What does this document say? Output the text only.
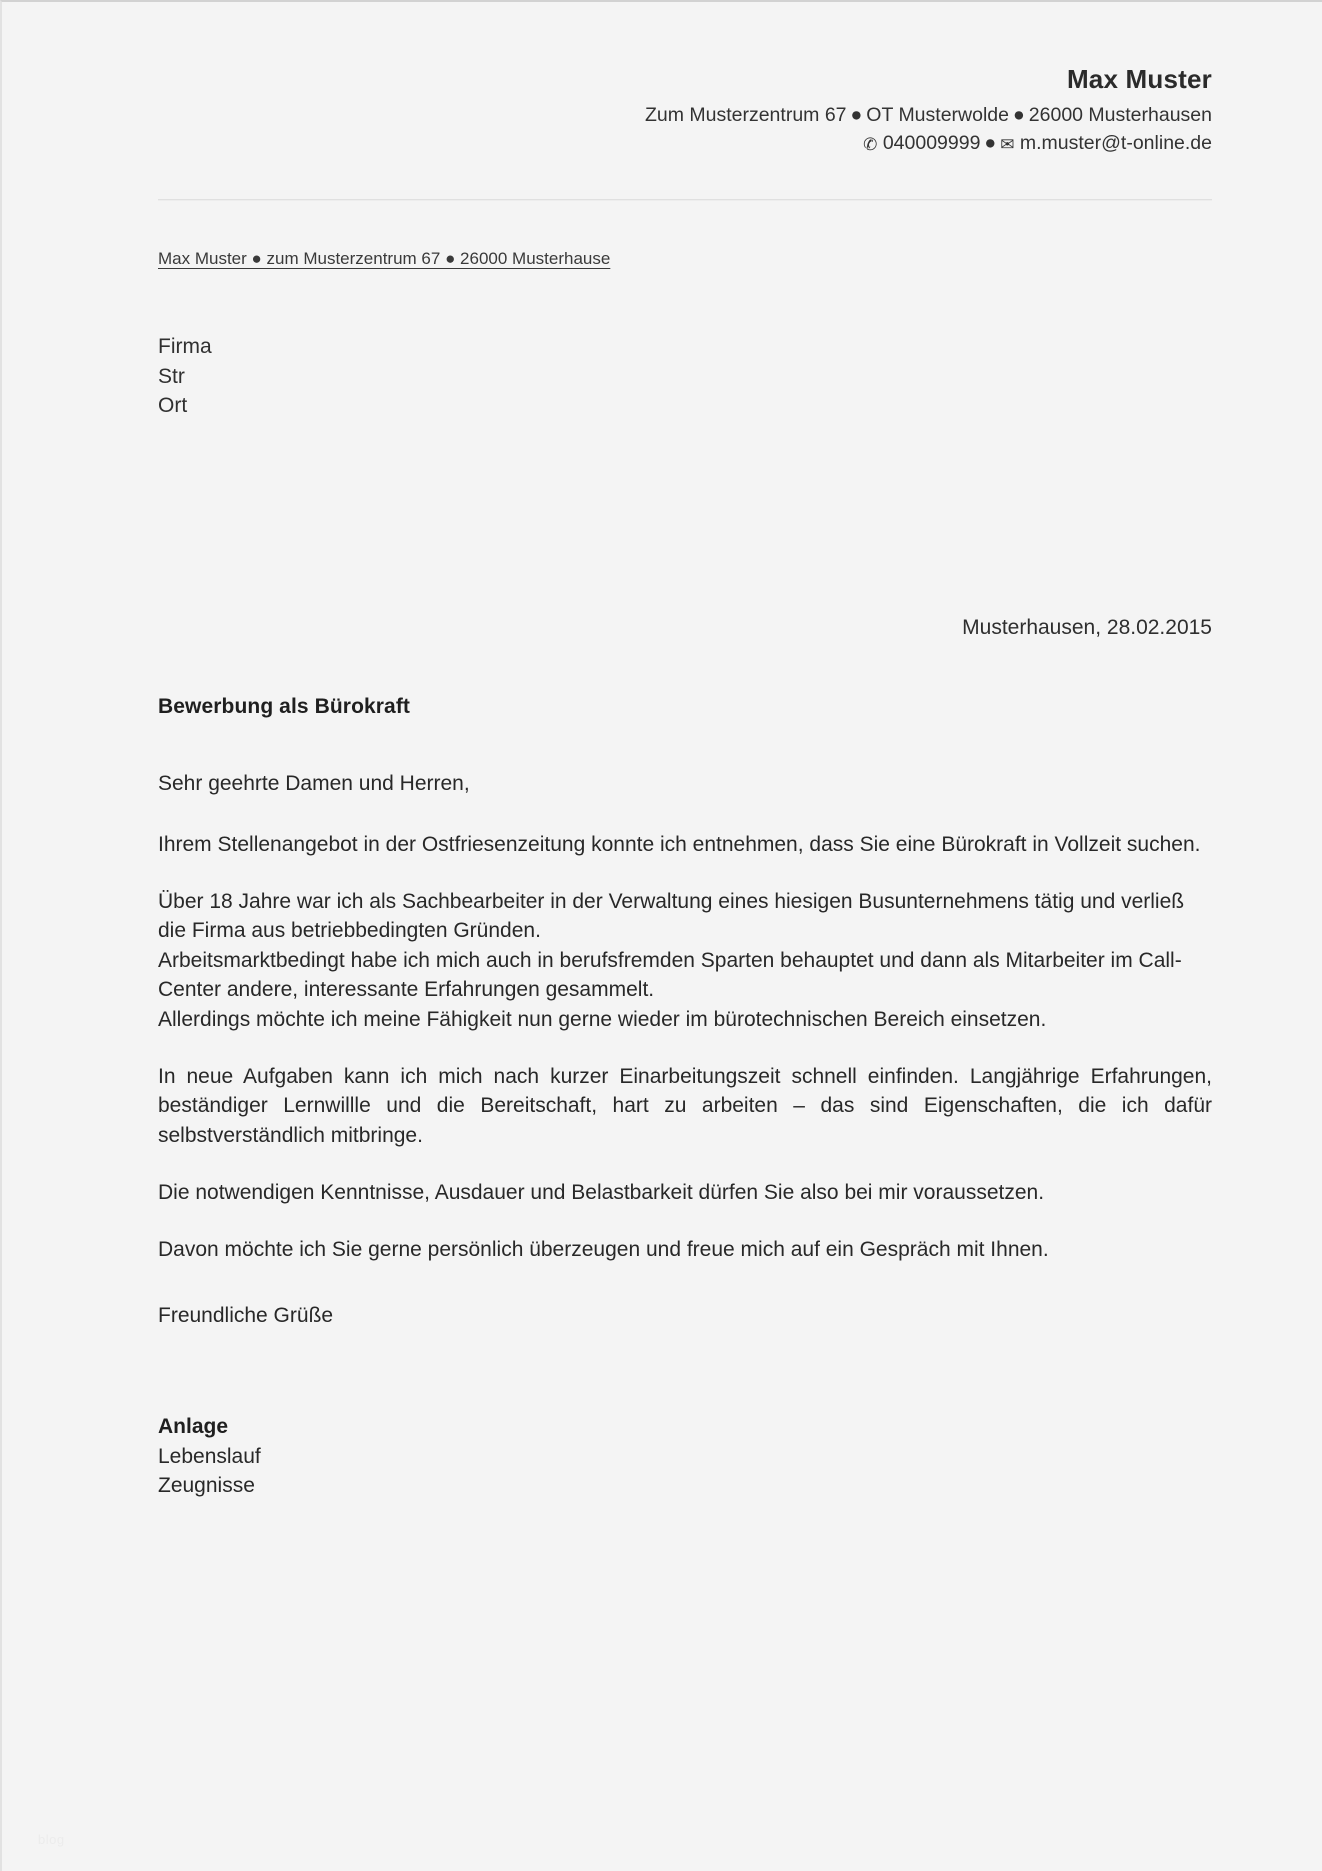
Max Muster
Zum Musterzentrum 67 ● OT Musterwolde ● 26000 Musterhausen
✆ 040009999 ● ✉ m.muster@t-online.de
Max Muster ● zum Musterzentrum 67 ● 26000 Musterhause
Firma
Str
Ort
Musterhausen, 28.02.2015
Bewerbung als Bürokraft

Sehr geehrte Damen und Herren,

Ihrem Stellenangebot in der Ostfriesenzeitung konnte ich entnehmen, dass Sie eine Bürokraft in Vollzeit suchen.

Über 18 Jahre war ich als Sachbearbeiter in der Verwaltung eines hiesigen Busunternehmens tätig und verließ die Firma aus betriebbedingten Gründen.

Arbeitsmarktbedingt habe ich mich auch in berufsfremden Sparten behauptet und dann als Mitarbeiter im Call-Center andere, interessante Erfahrungen gesammelt.

Allerdings möchte ich meine Fähigkeit nun gerne wieder im bürotechnischen Bereich einsetzen.

In neue Aufgaben kann ich mich nach kurzer Einarbeitungszeit schnell einfinden. Langjährige Erfahrungen, beständiger Lernwillle und die Bereitschaft, hart zu arbeiten – das sind Eigenschaften, die ich dafür selbstverständlich mitbringe.

Die notwendigen Kenntnisse, Ausdauer und Belastbarkeit dürfen Sie also bei mir voraussetzen.

Davon möchte ich Sie gerne persönlich überzeugen und freue mich auf ein Gespräch mit Ihnen.

Freundliche Grüße

Anlage
Lebenslauf
Zeugnisse
blog
